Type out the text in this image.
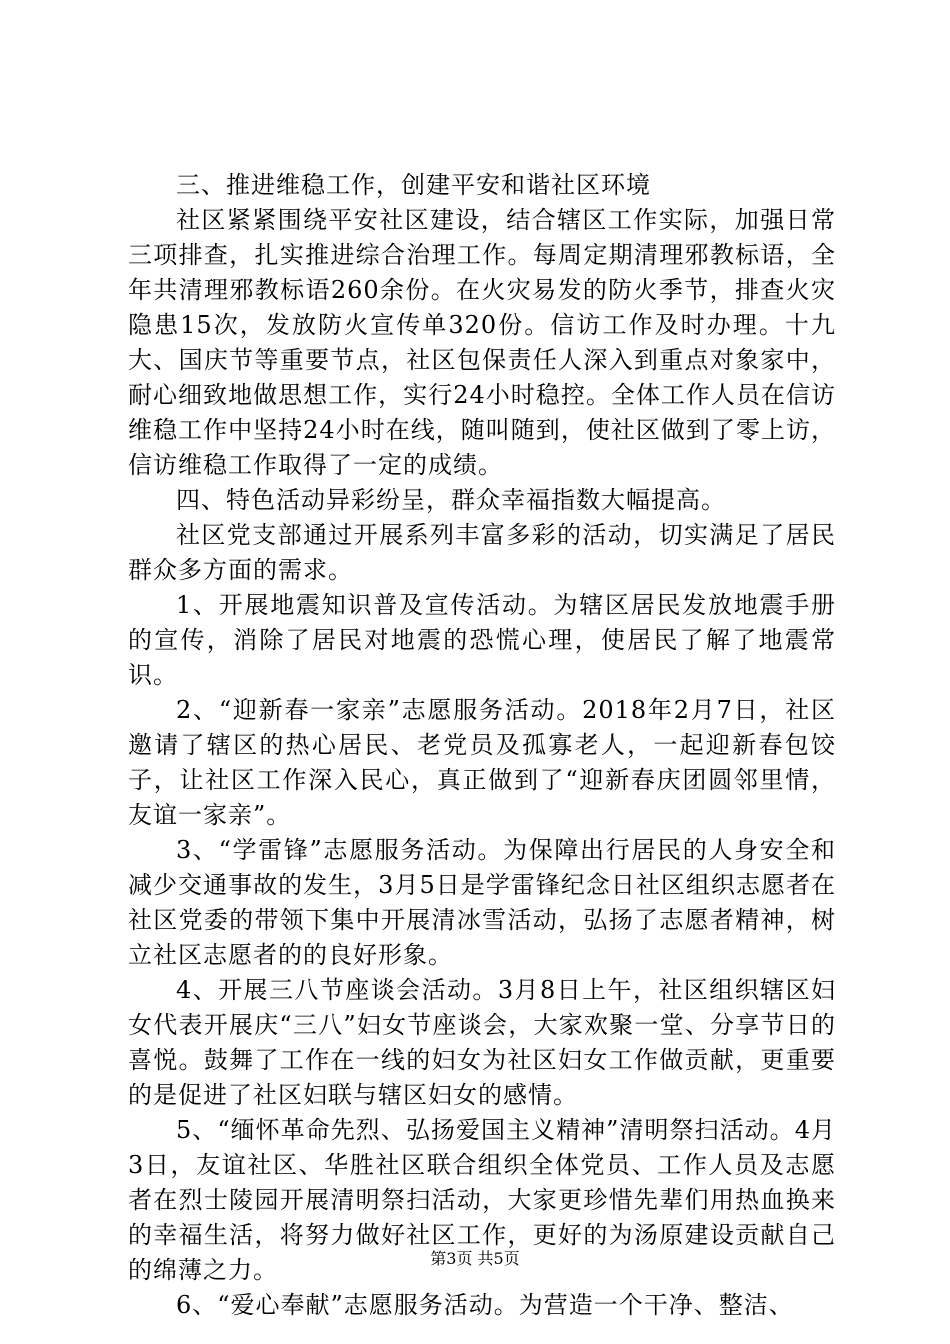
三、推进维稳工作，创建平安和谐社区环境

社区紧紧围绕平安社区建设，结合辖区工作实际，加强日常三项排查，扎实推进综合治理工作。每周定期清理邪教标语，全年共清理邪教标语260余份。在火灾易发的防火季节，排查火灾隐患15次，发放防火宣传单320份。信访工作及时办理。十九大、国庆节等重要节点，社区包保责任人深入到重点对象家中，耐心细致地做思想工作，实行24小时稳控。全体工作人员在信访维稳工作中坚持24小时在线，随叫随到，使社区做到了零上访，信访维稳工作取得了一定的成绩。

四、特色活动异彩纷呈，群众幸福指数大幅提高。

社区党支部通过开展系列丰富多彩的活动，切实满足了居民群众多方面的需求。

1、开展地震知识普及宣传活动。为辖区居民发放地震手册的宣传，消除了居民对地震的恐慌心理，使居民了解了地震常识。

2、“迎新春一家亲”志愿服务活动。2018年2月7日，社区邀请了辖区的热心居民、老党员及孤寡老人，一起迎新春包饺子，让社区工作深入民心，真正做到了“迎新春庆团圆邻里情，友谊一家亲”。

3、“学雷锋”志愿服务活动。为保障出行居民的人身安全和减少交通事故的发生，3月5日是学雷锋纪念日社区组织志愿者在社区党委的带领下集中开展清冰雪活动，弘扬了志愿者精神，树立社区志愿者的的良好形象。

4、开展三八节座谈会活动。3月8日上午，社区组织辖区妇女代表开展庆“三八”妇女节座谈会，大家欢聚一堂、分享节日的喜悦。鼓舞了工作在一线的妇女为社区妇女工作做贡献，更重要的是促进了社区妇联与辖区妇女的感情。

5、“缅怀革命先烈、弘扬爱国主义精神”清明祭扫活动。4月3日，友谊社区、华胜社区联合组织全体党员、工作人员及志愿者在烈士陵园开展清明祭扫活动，大家更珍惜先辈们用热血换来的幸福生活，将努力做好社区工作，更好的为汤原建设贡献自己的绵薄之力。

6、“爱心奉献”志愿服务活动。为营造一个干净、整洁、

第3页 共5页
